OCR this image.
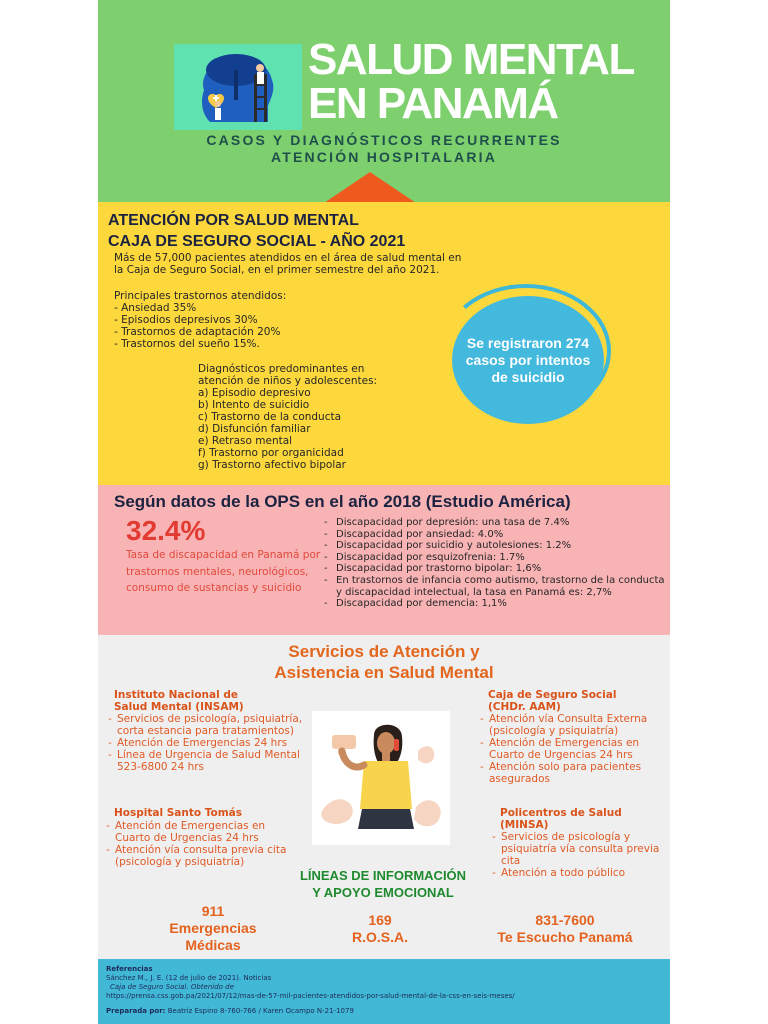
SALUD MENTAL
EN PANAMÁ
CASOS Y DIAGNÓSTICOS RECURRENTES
ATENCIÓN HOSPITALARIA
ATENCIÓN POR SALUD MENTAL
CAJA DE SEGURO SOCIAL - AÑO 2021
Más de 57,000 pacientes atendidos en el área de salud mental en
la Caja de Seguro Social, en el primer semestre del año 2021.
Principales trastornos atendidos:
- Ansiedad 35%
- Episodios depresivos 30%
- Trastornos de adaptación 20%
- Trastornos del sueño 15%.
Diagnósticos predominantes en
atención de niños y adolescentes:
a) Episodio depresivo
b) Intento de suicidio
c) Trastorno de la conducta
d) Disfunción familiar
e) Retraso mental
f) Trastorno por organicidad
g) Trastorno afectivo bipolar
Se registraron 274 casos por intentos de suicidio
Según datos de la OPS en el año 2018 (Estudio América)
32.4%
Tasa de discapacidad en Panamá por trastornos mentales, neurológicos, consumo de sustancias y suicidio
- Discapacidad por depresión: una tasa de 7.4%
- Discapacidad por ansiedad: 4.0%
- Discapacidad por suicidio y autolesiones: 1.2%
- Discapacidad por esquizofrenia: 1.7%
- Discapacidad por trastorno bipolar: 1,6%
- En trastornos de infancia como autismo, trastorno de la conducta y discapacidad intelectual, la tasa en Panamá es: 2,7%
- Discapacidad por demencia: 1,1%
Servicios de Atención y
Asistencia en Salud Mental
Instituto Nacional de
Salud Mental (INSAM)
- Servicios de psicología, psiquiatría, corta estancia para tratamientos)
- Atención de Emergencias 24 hrs
- Línea de Urgencia de Salud Mental 523-6800 24 hrs
Caja de Seguro Social
(CHDr. AAM)
- Atención vía Consulta Externa (psicología y psiquiatría)
- Atención de Emergencias en Cuarto de Urgencias 24 hrs
- Atención solo para pacientes asegurados
Hospital Santo Tomás
- Atención de Emergencias en Cuarto de Urgencias 24 hrs
- Atención vía consulta previa cita (psicología y psiquiatría)
Policentros de Salud
(MINSA)
- Servicios de psicología y psiquiatría vía consulta previa cita
- Atención a todo público
LÍNEAS DE INFORMACIÓN
Y APOYO EMOCIONAL
911
Emergencias
Médicas
169
R.O.S.A.
831-7600
Te Escucho Panamá
Referencias
Sánchez M., J. E. (12 de julio de 2021). Noticias
Caja de Seguro Social. Obtenido de
https://prensa.css.gob.pa/2021/07/12/mas-de-57-mil-pacientes-atendidos-por-salud-mental-de-la-css-en-seis-meses/
Preparada por: Beatriz Espino 8-760-766 / Karen Ocampo N-21-1079
